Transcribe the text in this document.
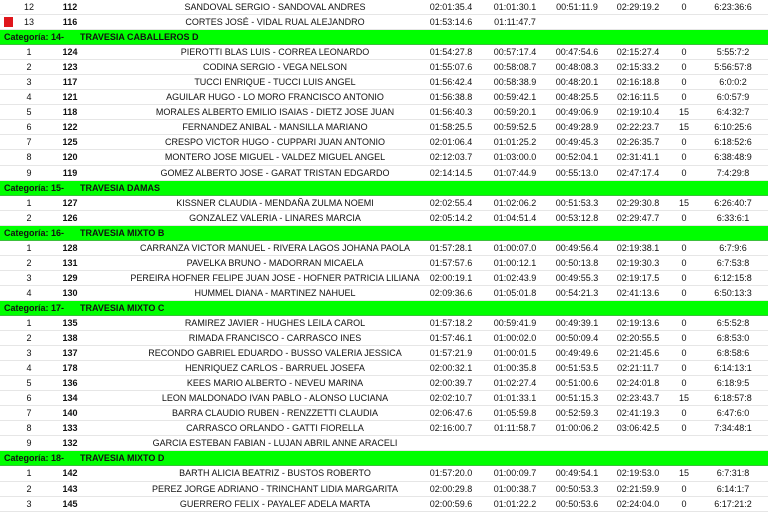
12	112	SANDOVAL SERGIO - SANDOVAL ANDRES	02:01:35.4	01:01:30.1	00:51:11.9	02:29:19.2	0	6:23:36:6
13	116	CORTES JOSÉ - VIDAL RUAL ALEJANDRO	01:53:14.6	01:11:47.7
Categoría: 14- TRAVESIA CABALLEROS D
1	124	PIEROTTI BLAS LUIS - CORREA LEONARDO	01:54:27.8	00:57:17.4	00:47:54.6	02:15:27.4	0	5:55:7:2
2	123	CODINA SERGIO - VEGA NELSON	01:55:07.6	00:58:08.7	00:48:08.3	02:15:33.2	0	5:56:57:8
3	117	TUCCI ENRIQUE - TUCCI LUIS ANGEL	01:56:42.4	00:58:38.9	00:48:20.1	02:16:18.8	0	6:0:0:2
4	121	AGUILAR HUGO - LO MORO FRANCISCO ANTONIO	01:56:38.8	00:59:42.1	00:48:25.5	02:16:11.5	0	6:0:57:9
5	118	MORALES ALBERTO EMILIO ISAIAS - DIETZ JOSE JUAN	01:56:40.3	00:59:20.1	00:49:06.9	02:19:10.4	15	6:4:32:7
6	122	FERNANDEZ ANIBAL - MANSILLA MARIANO	01:58:25.5	00:59:52.5	00:49:28.9	02:22:23.7	15	6:10:25:6
7	125	CRESPO VICTOR HUGO - CUPPARI JUAN ANTONIO	02:01:06.4	01:01:25.2	00:49:45.3	02:26:35.7	0	6:18:52:6
8	120	MONTERO JOSE MIGUEL - VALDEZ MIGUEL ANGEL	02:12:03.7	01:03:00.0	00:52:04.1	02:31:41.1	0	6:38:48:9
9	119	GOMEZ ALBERTO JOSE - GARAT TRISTAN EDGARDO	02:14:14.5	01:07:44.9	00:55:13.0	02:47:17.4	0	7:4:29:8
Categoría: 15- TRAVESIA DAMAS
1	127	KISSNER CLAUDIA - MENDAÑA ZULMA NOEMI	02:02:55.4	01:02:06.2	00:51:53.3	02:29:30.8	15	6:26:40:7
2	126	GONZALEZ VALERIA - LINARES MARCIA	02:05:14.2	01:04:51.4	00:53:12.8	02:29:47.7	0	6:33:6:1
Categoría: 16- TRAVESIA MIXTO B
1	128	CARRANZA VICTOR MANUEL - RIVERA LAGOS JOHANA PAOLA	01:57:28.1	01:00:07.0	00:49:56.4	02:19:38.1	0	6:7:9:6
2	131	PAVELKA BRUNO - MADORRAN MICAELA	01:57:57.6	01:00:12.1	00:50:13.8	02:19:30.3	0	6:7:53:8
3	129	PEREIRA HOFNER FELIPE JUAN JOSE - HOFNER PATRICIA LILIANA	02:00:19.1	01:02:43.9	00:49:55.3	02:19:17.5	0	6:12:15:8
4	130	HUMMEL DIANA - MARTINEZ NAHUEL	02:09:36.6	01:05:01.8	00:54:21.3	02:41:13.6	0	6:50:13:3
Categoría: 17- TRAVESIA MIXTO C
1	135	RAMIREZ JAVIER - HUGHES LEILA CAROL	01:57:18.2	00:59:41.9	00:49:39.1	02:19:13.6	0	6:5:52:8
2	138	RIMADA FRANCISCO - CARRASCO INES	01:57:46.1	01:00:02.0	00:50:09.4	02:20:55.5	0	6:8:53:0
3	137	RECONDO GABRIEL EDUARDO - BUSSO VALERIA JESSICA	01:57:21.9	01:00:01.5	00:49:49.6	02:21:45.6	0	6:8:58:6
4	178	HENRIQUEZ CARLOS - BARRUEL JOSEFA	02:00:32.1	01:00:35.8	00:51:53.5	02:21:11.7	0	6:14:13:1
5	136	KEES MARIO ALBERTO - NEVEU MARINA	02:00:39.7	01:02:27.4	00:51:00.6	02:24:01.8	0	6:18:9:5
6	134	LEON MALDONADO IVAN PABLO - ALONSO LUCIANA	02:02:10.7	01:01:33.1	00:51:15.3	02:23:43.7	15	6:18:57:8
7	140	BARRA CLAUDIO RUBEN - RENZZETTI CLAUDIA	02:06:47.6	01:05:59.8	00:52:59.3	02:41:19.3	0	6:47:6:0
8	133	CARRASCO ORLANDO - GATTI FIORELLA	02:16:00.7	01:11:58.7	01:00:06.2	03:06:42.5	0	7:34:48:1
9	132	GARCIA ESTEBAN FABIAN - LUJAN ABRIL ANNE ARACELI
Categoría: 18- TRAVESIA MIXTO D
1	142	BARTH ALICIA BEATRIZ - BUSTOS ROBERTO	01:57:20.0	01:00:09.7	00:49:54.1	02:19:53.0	15	6:7:31:8
2	143	PEREZ JORGE ADRIANO - TRINCHANT LIDIA MARGARITA	02:00:29.8	01:00:38.7	00:50:53.3	02:21:59.9	0	6:14:1:7
3	145	GUERRERO FELIX - PAYALEF ADELA MARTA	02:00:59.6	01:01:22.2	00:50:53.6	02:24:04.0	0	6:17:21:2
